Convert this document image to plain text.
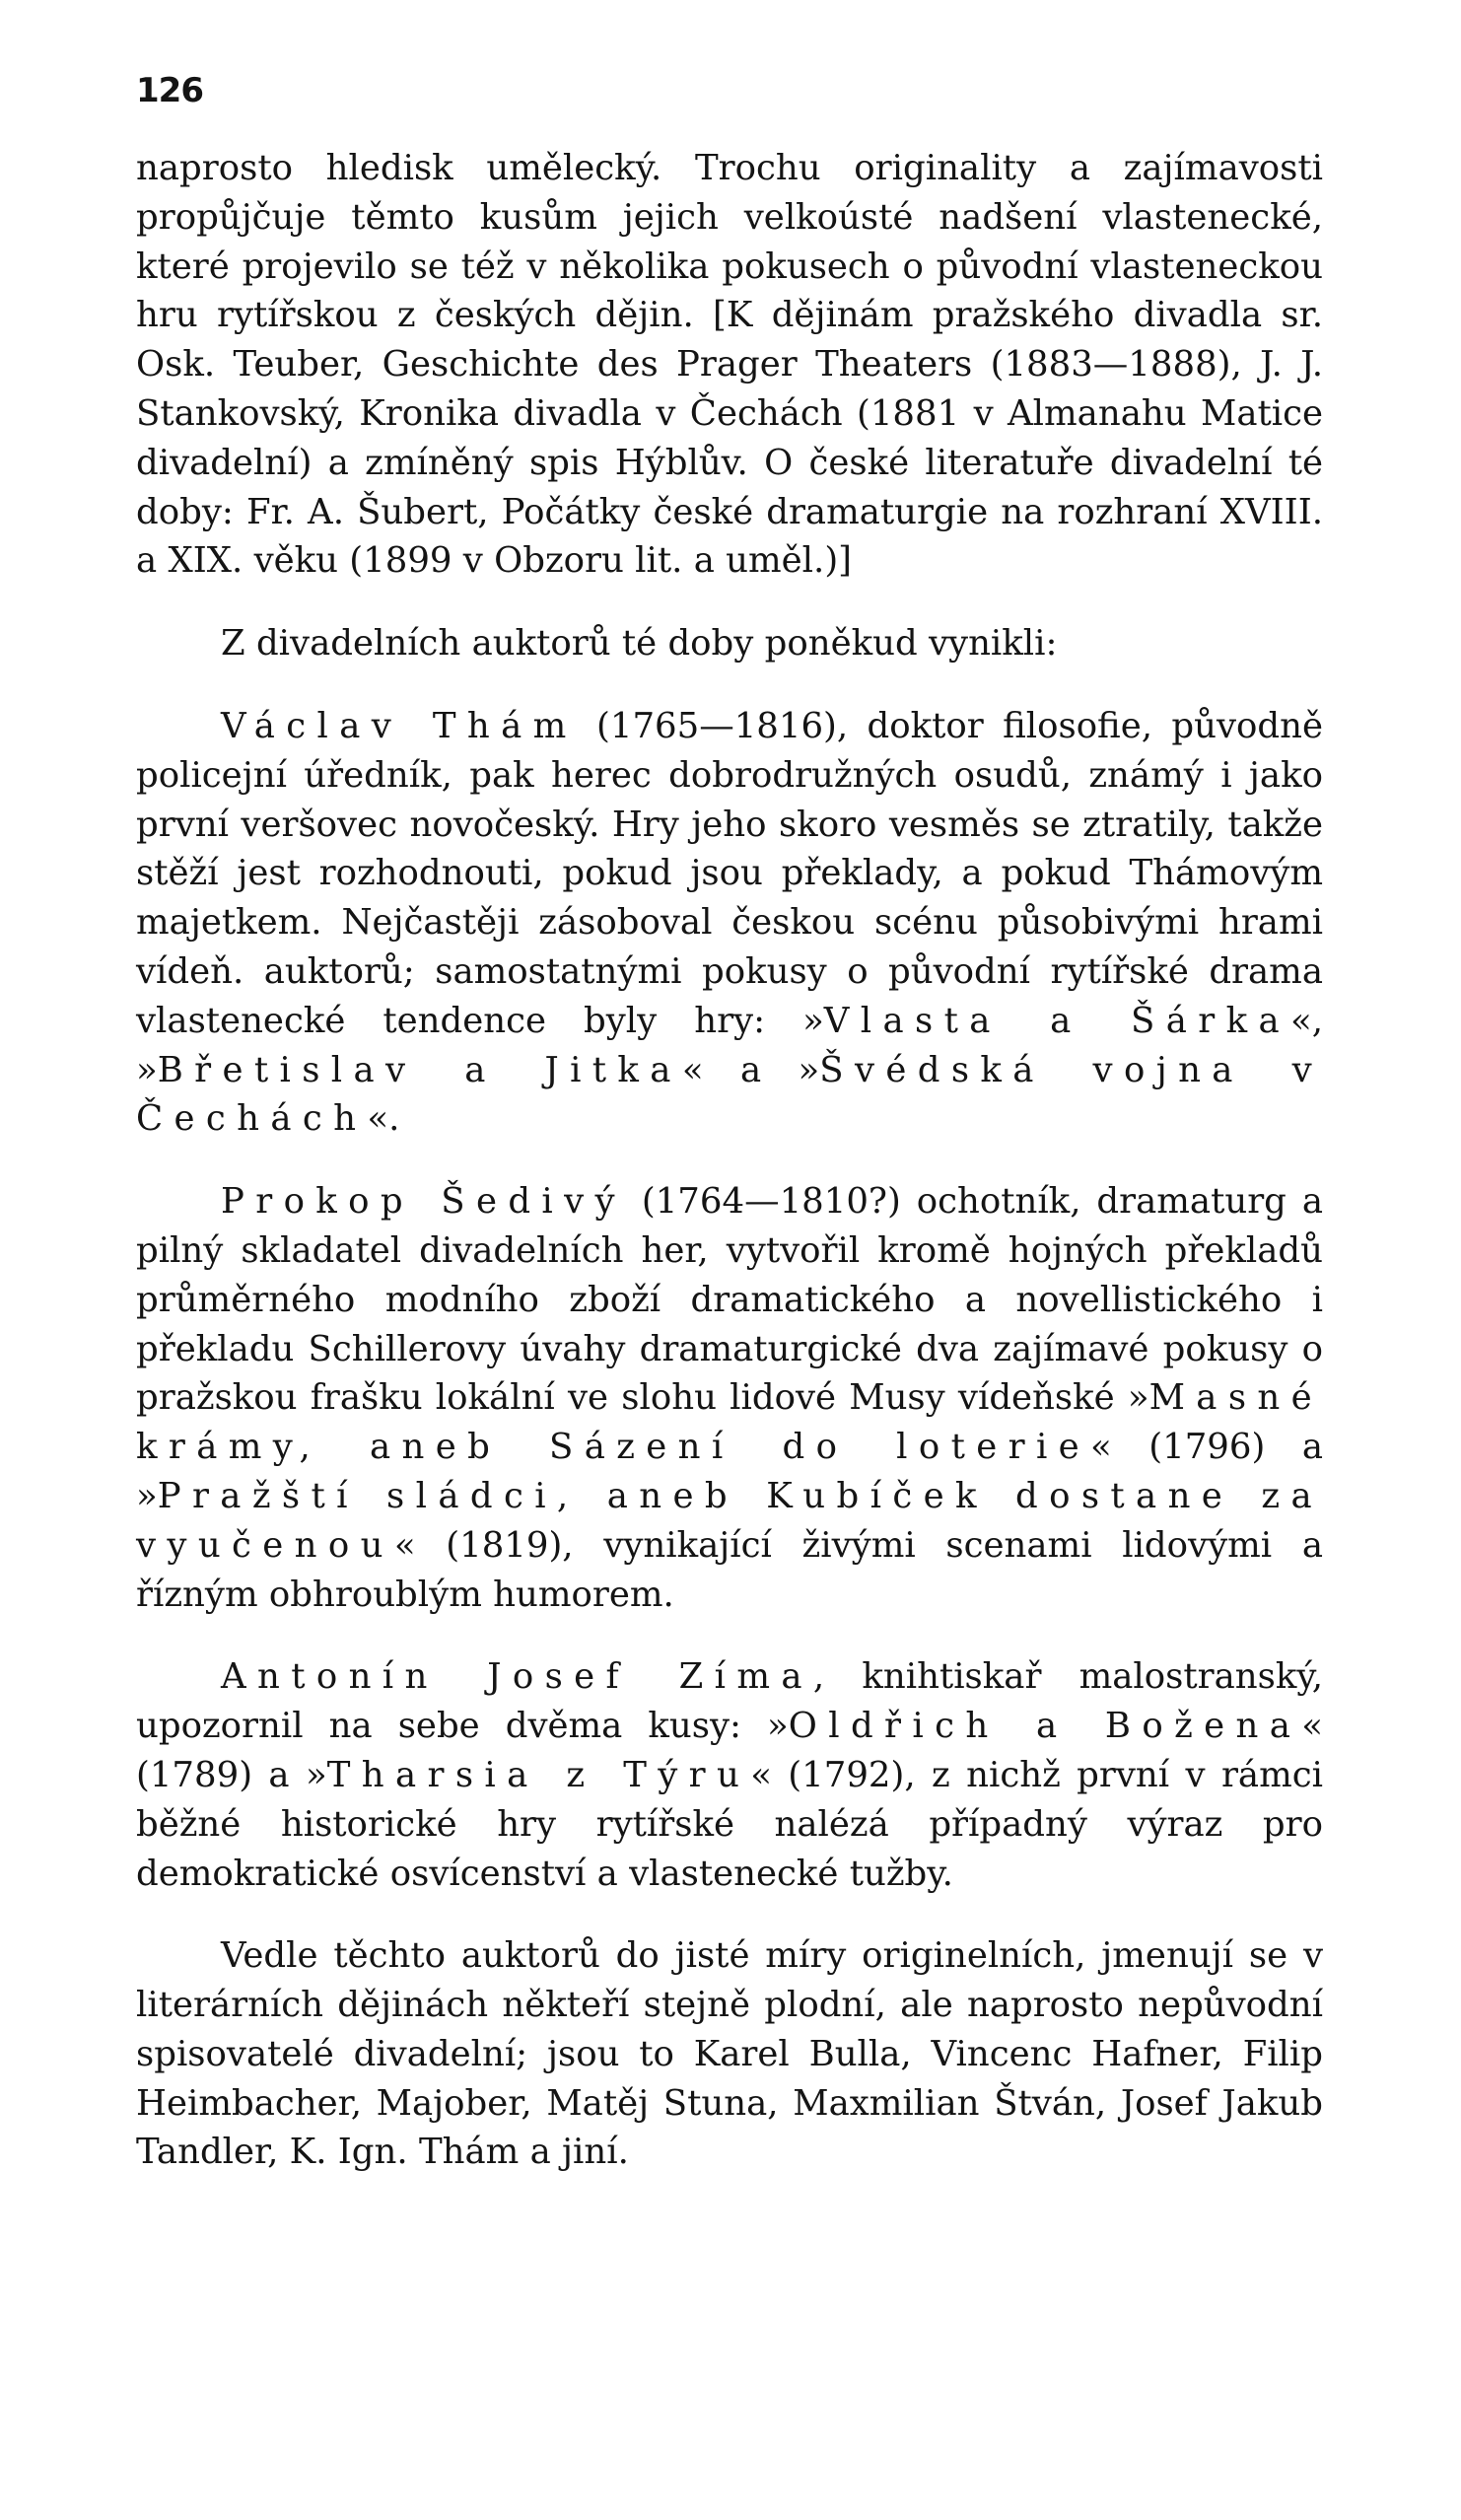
126

naprosto hledisk umělecký. Trochu originality a zajímavosti propůjčuje těmto kusům jejich velkoústé nadšení vlastenecké, které projevilo se též v několika pokusech o původní vlasteneckou hru rytířskou z českých dějin. [K dějinám pražského divadla sr. Osk. Teuber, Geschichte des Prager Theaters (1883—1888), J. J. Stankovský, Kronika divadla v Čechách (1881 v Almanahu Matice divadelní) a zmíněný spis Hýblův. O české literatuře divadelní té doby: Fr. A. Šubert, Počátky české dramaturgie na rozhraní XVIII. a XIX. věku (1899 v Obzoru lit. a uměl.)]

Z divadelních auktorů té doby poněkud vynikli:

Václav Thám (1765—1816), doktor filosofie, původně policejní úředník, pak herec dobrodružných osudů, známý i jako první veršovec novočeský. Hry jeho skoro vesměs se ztratily, takže stěží jest rozhodnouti, pokud jsou překlady, a pokud Thámovým majetkem. Nejčastěji zásoboval českou scénu působivými hrami vídeň. auktorů; samostatnými pokusy o původní rytířské drama vlastenecké tendence byly hry: »Vlasta a Šárka«, »Břetislav a Jitka« a »Švédská vojna v Čechách«.

Prokop Šedivý (1764—1810?) ochotník, dramaturg a pilný skladatel divadelních her, vytvořil kromě hojných překladů průměrného modního zboží dramatického a novellistického i překladu Schillerovy úvahy dramaturgické dva zajímavé pokusy o pražskou frašku lokální ve slohu lidové Musy vídeňské »Masné krámy, aneb Sázení do loterie« (1796) a »Pražští sládci, aneb Kubíček dostane za vyučenou« (1819), vynikající živými scenami lidovými a řízným obhroublým humorem.

Antonín Josef Zíma, knihtiskař malostranský, upozornil na sebe dvěma kusy: »Oldřich a Božena« (1789) a »Tharsia z Týru« (1792), z nichž první v rámci běžné historické hry rytířské nalézá případný výraz pro demokratické osvícenství a vlastenecké tužby.

Vedle těchto auktorů do jisté míry originelních, jmenují se v literárních dějinách někteří stejně plodní, ale naprosto nepůvodní spisovatelé divadelní; jsou to Karel Bulla, Vincenc Hafner, Filip Heimbacher, Majober, Matěj Stuna, Maxmilian Štván, Josef Jakub Tandler, K. Ign. Thám a jiní.
